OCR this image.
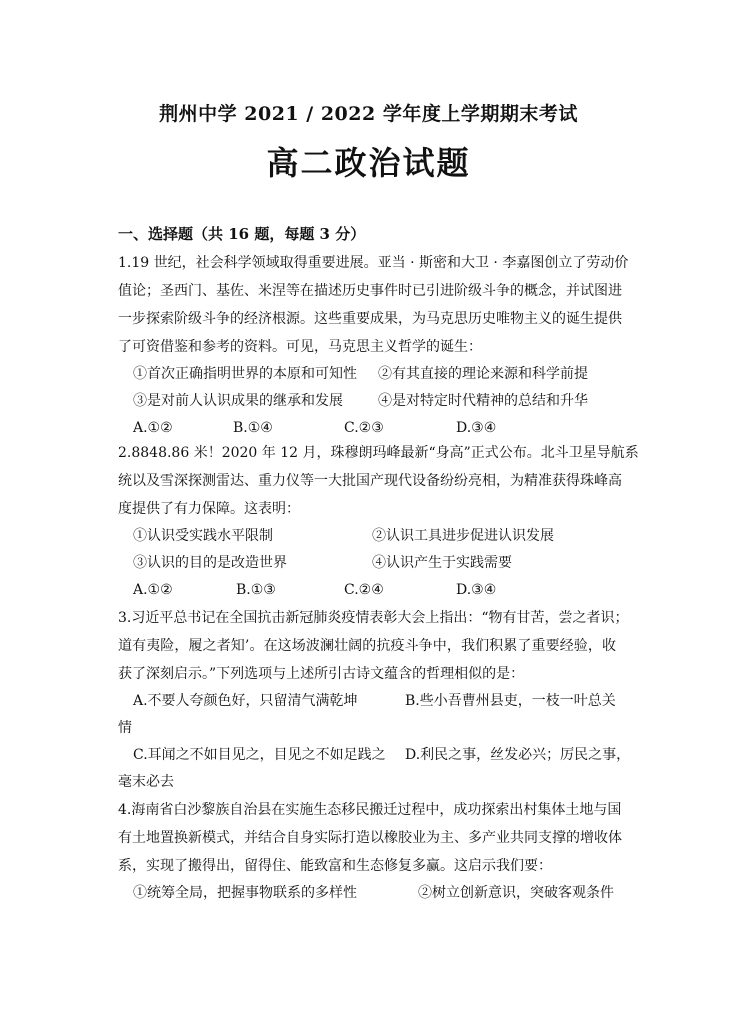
荆州中学 2021 / 2022 学年度上学期期末考试
高二政治试题
一、选择题（共 16 题，每题 3 分）
1.19 世纪，社会科学领域取得重要进展。亚当 · 斯密和大卫 · 李嘉图创立了劳动价
值论；圣西门、基佐、米涅等在描述历史事件时已引进阶级斗争的概念，并试图进
一步探索阶级斗争的经济根源。这些重要成果，为马克思历史唯物主义的诞生提供
了可资借鉴和参考的资料。可见，马克思主义哲学的诞生：
①首次正确指明世界的本原和可知性 ②有其直接的理论来源和科学前提
③是对前人认识成果的继承和发展	④是对特定时代精神的总结和升华
A.①②	B.①④	C.②③	D.③④
2.8848.86 米！2020 年 12 月，珠穆朗玛峰最新“身高”正式公布。北斗卫星导航系
统以及雪深探测雷达、重力仪等一大批国产现代设备纷纷亮相，为精准获得珠峰高
度提供了有力保障。这表明：
①认识受实践水平限制	②认识工具进步促进认识发展
③认识的目的是改造世界	④认识产生于实践需要
A.①②	B.①③	C.②④	D.③④
3.习近平总书记在全国抗击新冠肺炎疫情表彰大会上指出：“物有甘苦，尝之者识；
道有夷险，履之者知’。在这场波澜壮阔的抗疫斗争中，我们积累了重要经验，收
获了深刻启示。”下列选项与上述所引古诗文蕴含的哲理相似的是：
A.不要人夸颜色好，只留清气满乾坤	B.些小吾曹州县吏，一枝一叶总关
情
C.耳闻之不如目见之，目见之不如足践之 D.利民之事，丝发必兴；厉民之事，
毫末必去
4.海南省白沙黎族自治县在实施生态移民搬迁过程中，成功探索出村集体土地与国
有土地置换新模式，并结合自身实际打造以橡胶业为主、多产业共同支撑的增收体
系，实现了搬得出，留得住、能致富和生态修复多赢。这启示我们要：
①统筹全局，把握事物联系的多样性	②树立创新意识，突破客观条件
